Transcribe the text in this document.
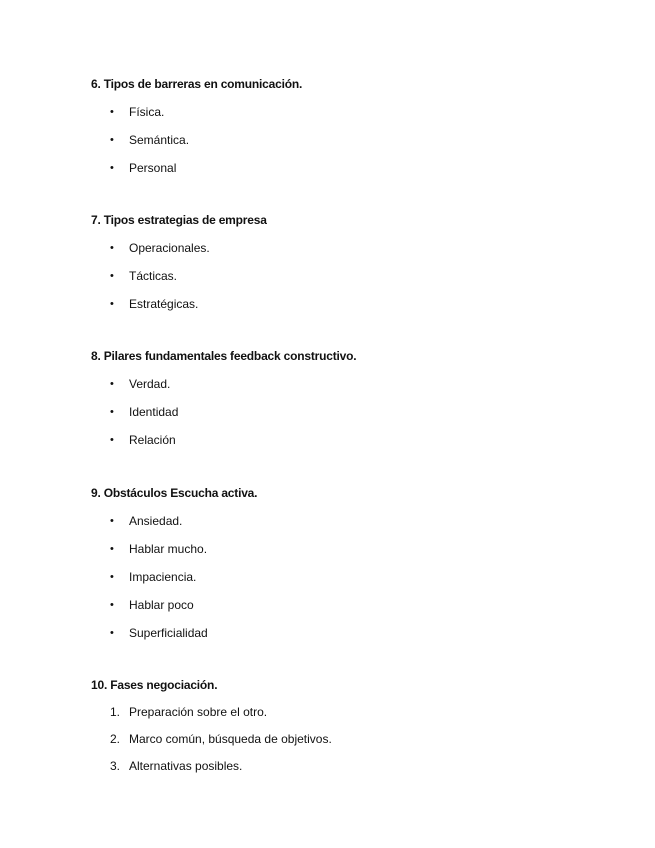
6. Tipos de barreras en comunicación.
•	Física.
•	Semántica.
•	Personal
7. Tipos estrategias de empresa
•	Operacionales.
•	Tácticas.
•	Estratégicas.
8. Pilares fundamentales feedback constructivo.
•	Verdad.
•	Identidad
•	Relación
9. Obstáculos Escucha activa.
•	Ansiedad.
•	Hablar mucho.
•	Impaciencia.
•	Hablar poco
•	Superficialidad
10. Fases negociación.
1. Preparación sobre el otro.
2. Marco común, búsqueda de objetivos.
3. Alternativas posibles.
